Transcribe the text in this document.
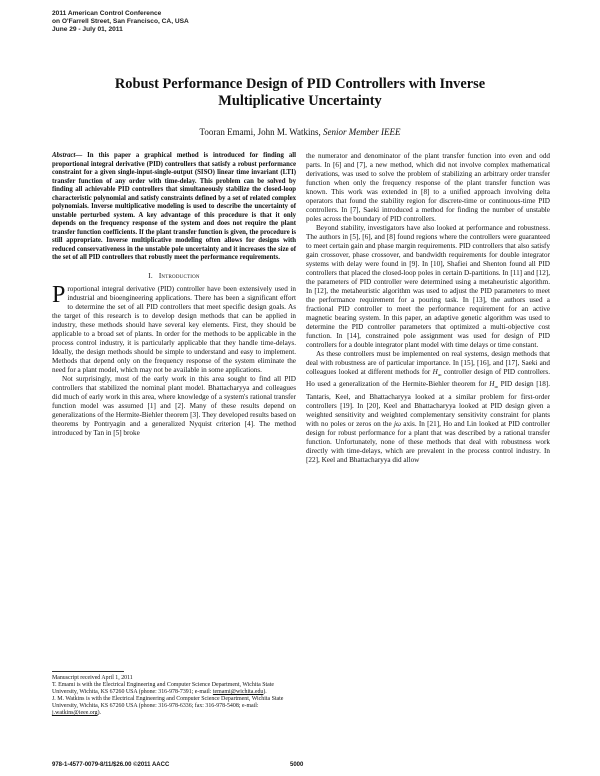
2011 American Control Conference
on O'Farrell Street, San Francisco, CA, USA
June 29 - July 01, 2011
Robust Performance Design of PID Controllers with Inverse
Multiplicative Uncertainty
Tooran Emami, John M. Watkins, Senior Member IEEE

Abstract— In this paper a graphical method is introduced for finding all proportional integral derivative (PID) controllers that satisfy a robust performance constraint for a given single-input-single-output (SISO) linear time invariant (LTI) transfer function of any order with time-delay. This problem can be solved by finding all achievable PID controllers that simultaneously stabilize the closed-loop characteristic polynomial and satisfy constraints defined by a set of related complex polynomials. Inverse multiplicative modeling is used to describe the uncertainty of unstable perturbed system. A key advantage of this procedure is that it only depends on the frequency response of the system and does not require the plant transfer function coefficients. If the plant transfer function is given, the procedure is still appropriate. Inverse multiplicative modeling often allows for designs with reduced conservativeness in the unstable pole uncertainty and it increases the size of the set of all PID controllers that robustly meet the performance requirements.

I. Introduction

Proportional integral derivative (PID) controller have been extensively used in industrial and bioengineering applications. There has been a significant effort to determine the set of all PID controllers that meet specific design goals. As the target of this research is to develop design methods that can be applied in industry, these methods should have several key elements. First, they should be applicable to a broad set of plants. In order for the methods to be applicable in the process control industry, it is particularly applicable that they handle time-delays. Ideally, the design methods should be simple to understand and easy to implement. Methods that depend only on the frequency response of the system eliminate the need for a plant model, which may not be available in some applications.

Not surprisingly, most of the early work in this area sought to find all PID controllers that stabilized the nominal plant model. Bhattacharyya and colleagues did much of early work in this area, where knowledge of a system's rational transfer function model was assumed [1] and [2]. Many of these results depend on generalizations of the Hermite-Biehler theorem [3]. They developed results based on theorems by Pontryagin and a generalized Nyquist criterion [4]. The method introduced by Tan in [5] broke

the numerator and denominator of the plant transfer function into even and odd parts. In [6] and [7], a new method, which did not involve complex mathematical derivations, was used to solve the problem of stabilizing an arbitrary order transfer function when only the frequency response of the plant transfer function was known. This work was extended in [8] to a unified approach involving delta operators that found the stability region for discrete-time or continuous-time PID controllers. In [7], Saeki introduced a method for finding the number of unstable poles across the boundary of PID controllers.

Beyond stability, investigators have also looked at performance and robustness. The authors in [5], [6], and [8] found regions where the controllers were guaranteed to meet certain gain and phase margin requirements. PID controllers that also satisfy gain crossover, phase crossover, and bandwidth requirements for double integrator systems with delay were found in [9]. In [10], Shafiei and Shenton found all PID controllers that placed the closed-loop poles in certain D-partitions. In [11] and [12], the parameters of PID controller were determined using a metaheuristic algorithm. In [12], the metaheuristic algorithm was used to adjust the PID parameters to meet the performance requirement for a pouring task. In [13], the authors used a fractional PID controller to meet the performance requirement for an active magnetic bearing system. In this paper, an adaptive genetic algorithm was used to determine the PID controller parameters that optimized a multi-objective cost function. In [14], constrained pole assignment was used for design of PID controllers for a double integrator plant model with time delays or time constant.

As these controllers must be implemented on real systems, design methods that deal with robustness are of particular importance. In [15], [16], and [17], Saeki and colleagues looked at different methods for $H_\infty$ controller design of PID controllers. Ho used a generalization of the Hermite-Biehler theorem for $H_\infty$ PID design [18]. Tantaris, Keel, and Bhattacharyya looked at a similar problem for first-order controllers [19]. In [20], Keel and Bhattacharyya looked at PID design given a weighted sensitivity and weighted complementary sensitivity constraint for plants with no poles or zeros on the jω axis. In [21], Ho and Lin looked at PID controller design for robust performance for a plant that was described by a rational transfer function. Unfortunately, none of these methods that deal with robustness work directly with time-delays, which are prevalent in the process control industry. In [22], Keel and Bhattacharyya did allow

Manuscript received April 1, 2011

T. Emami is with the Electrical Engineering and Computer Science Department, Wichita State University, Wichita, KS 67260 USA (phone: 316-978-7391; e-mail: temami@wichita.edu).

J. M. Watkins is with the Electrical Engineering and Computer Science Department, Wichita State University, Wichita, KS 67260 USA (phone: 316-978-6336; fax: 316-978-5408; e-mail: j.watkins@ieee.org).

978-1-4577-0079-8/11/$26.00 ©2011 AACC	5000
